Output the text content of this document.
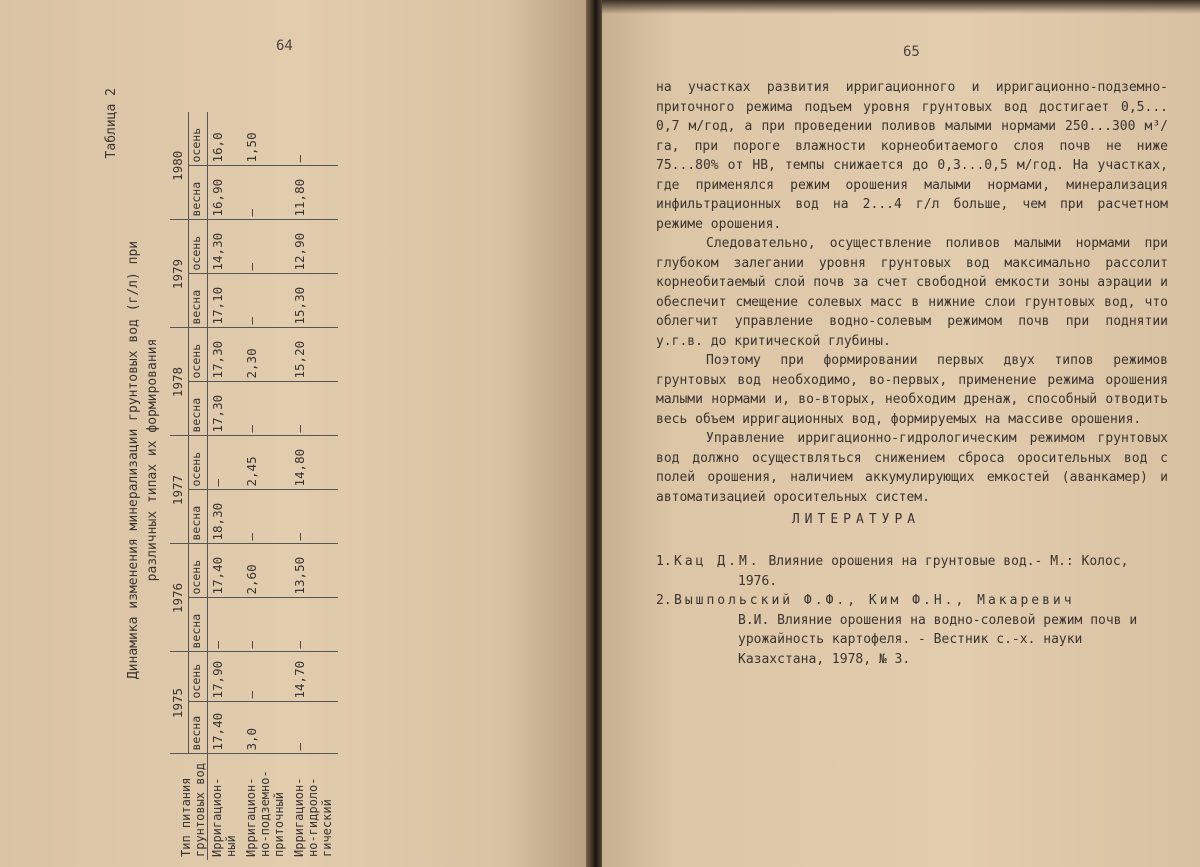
64	65
Таблица 2
Динамика изменения минерализации грунтовых вод (г/л) при различных типах их формирования
Тип питания грунтовых вод	1975		1976		1977		1978		1979		1980	
	весна	осень	весна	осень	весна	осень	весна	осень	весна	осень	весна	осень
Ирригацион-ный	17,40	17,90	–	17,40	18,30	–	17,30	17,30	17,10	14,30	16,90	16,0
Ирригацион-но-подземно-приточный	3,0	–	–	2,60	–	2,45	–	2,30	–	–	–	1,50
Ирригацион-но-гидроло-гический	–	14,70	–	13,50	–	14,80	–	15,20	15,30	12,90	11,80	–

на участках развития ирригационного и ирригационно-подземно-приточного режима подъем уровня грунтовых вод достигает 0,5... 0,7 м/год, а при проведении поливов малыми нормами 250...300 м³/га, при пороге влажности корнеобитаемого слоя почв не ниже 75...80% от НВ, темпы снижается до 0,3...0,5 м/год. На участках, где применялся режим орошения малыми нормами, минерализация инфильтрационных вод на 2...4 г/л больше, чем при расчетном режиме орошения.

Следовательно, осуществление поливов малыми нормами при глубоком залегании уровня грунтовых вод максимально рассолит корнеобитаемый слой почв за счет свободной емкости зоны аэрации и обеспечит смещение солевых масс в нижние слои грунтовых вод, что облегчит управление водно-солевым режимом почв при поднятии у.г.в. до критической глубины.

Поэтому при формировании первых двух типов режимов грунтовых вод необходимо, во-первых, применение режима орошения малыми нормами и, во-вторых, необходим дренаж, способный отводить весь объем ирригационных вод, формируемых на массиве орошения.

Управление ирригационно-гидрологическим режимом грунтовых вод должно осуществляться снижением сброса оросительных вод с полей орошения, наличием аккумулирующих емкостей (аванкамер) и автоматизацией оросительных систем.

ЛИТЕРАТУРА
1. Кац Д.М. Влияние орошения на грунтовые вод.- М.: Колос,
1976.
2. Вышпольский Ф.Ф., Ким Ф.Н., Макаревич
В.И. Влияние орошения на водно-солевой режим почв и урожайность картофеля. - Вестник с.-х. науки Казахстана, 1978, № 3.
